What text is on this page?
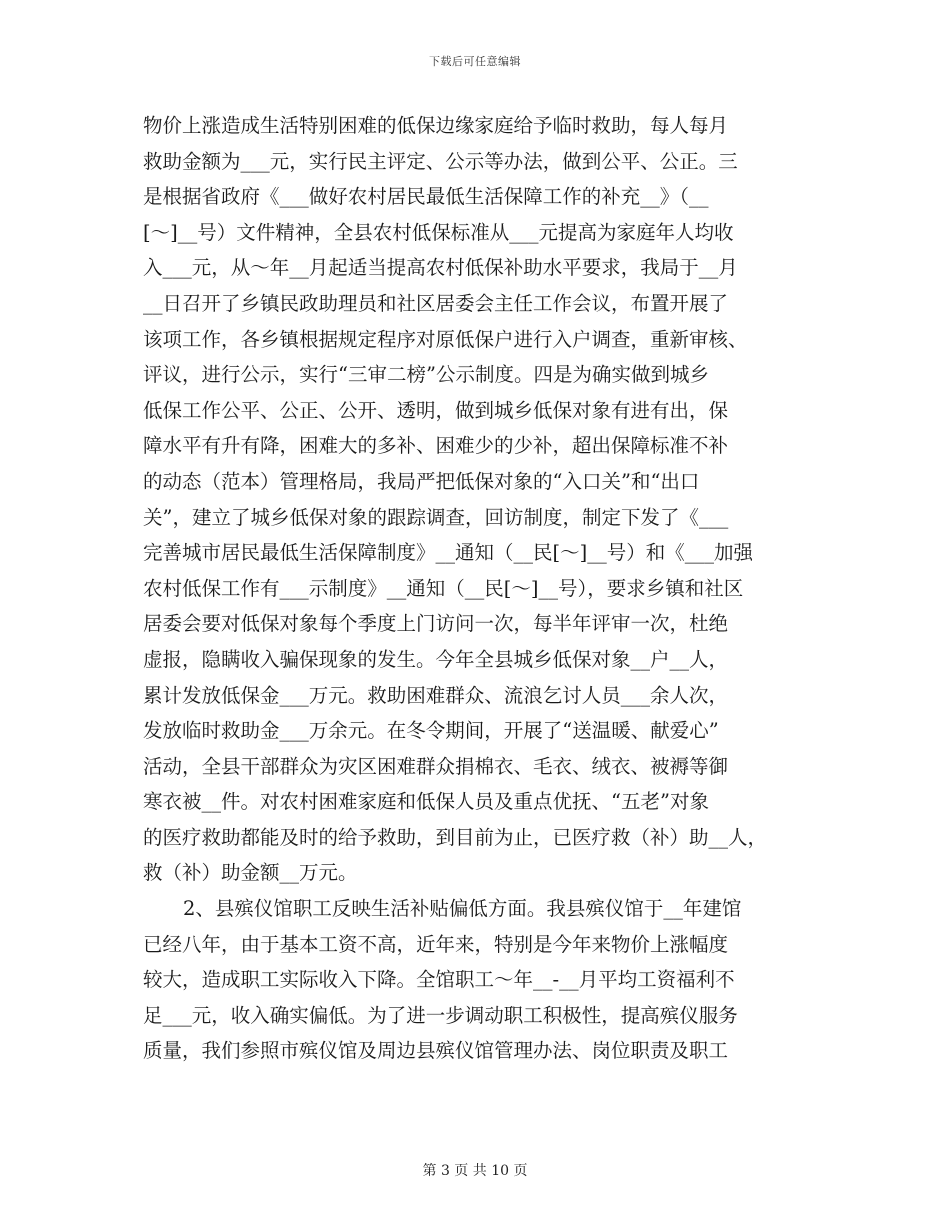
下载后可任意编辑
物价上涨造成生活特别困难的低保边缘家庭给予临时救助，每人每月
救助金额为___元，实行民主评定、公示等办法，做到公平、公正。三
是根据省政府《___做好农村居民最低生活保障工作的补充__》（__
[～]__号）文件精神，全县农村低保标准从___元提高为家庭年人均收
入___元，从～年__月起适当提高农村低保补助水平要求，我局于__月
__日召开了乡镇民政助理员和社区居委会主任工作会议，布置开展了
该项工作，各乡镇根据规定程序对原低保户进行入户调查，重新审核、
评议，进行公示，实行“三审二榜”公示制度。四是为确实做到城乡
低保工作公平、公正、公开、透明，做到城乡低保对象有进有出，保
障水平有升有降，困难大的多补、困难少的少补，超出保障标准不补
的动态（范本）管理格局，我局严把低保对象的“入口关”和“出口
关”，建立了城乡低保对象的跟踪调查，回访制度，制定下发了《___
完善城市居民最低生活保障制度》__通知（__民[～]__号）和《___加强
农村低保工作有___示制度》__通知（__民[～]__号），要求乡镇和社区
居委会要对低保对象每个季度上门访问一次，每半年评审一次，杜绝
虚报，隐瞒收入骗保现象的发生。今年全县城乡低保对象__户__人，
累计发放低保金___万元。救助困难群众、流浪乞讨人员___余人次，
发放临时救助金___万余元。在冬令期间，开展了“送温暖、献爱心”
活动，全县干部群众为灾区困难群众捐棉衣、毛衣、绒衣、被褥等御
寒衣被__件。对农村困难家庭和低保人员及重点优抚、“五老”对象
的医疗救助都能及时的给予救助，到目前为止，已医疗救（补）助__人，
救（补）助金额__万元。
2、县殡仪馆职工反映生活补贴偏低方面。我县殡仪馆于__年建馆
已经八年，由于基本工资不高，近年来，特别是今年来物价上涨幅度
较大，造成职工实际收入下降。全馆职工～年__-__月平均工资福利不
足___元，收入确实偏低。为了进一步调动职工积极性，提高殡仪服务
质量，我们参照市殡仪馆及周边县殡仪馆管理办法、岗位职责及职工
第 3 页 共 10 页
